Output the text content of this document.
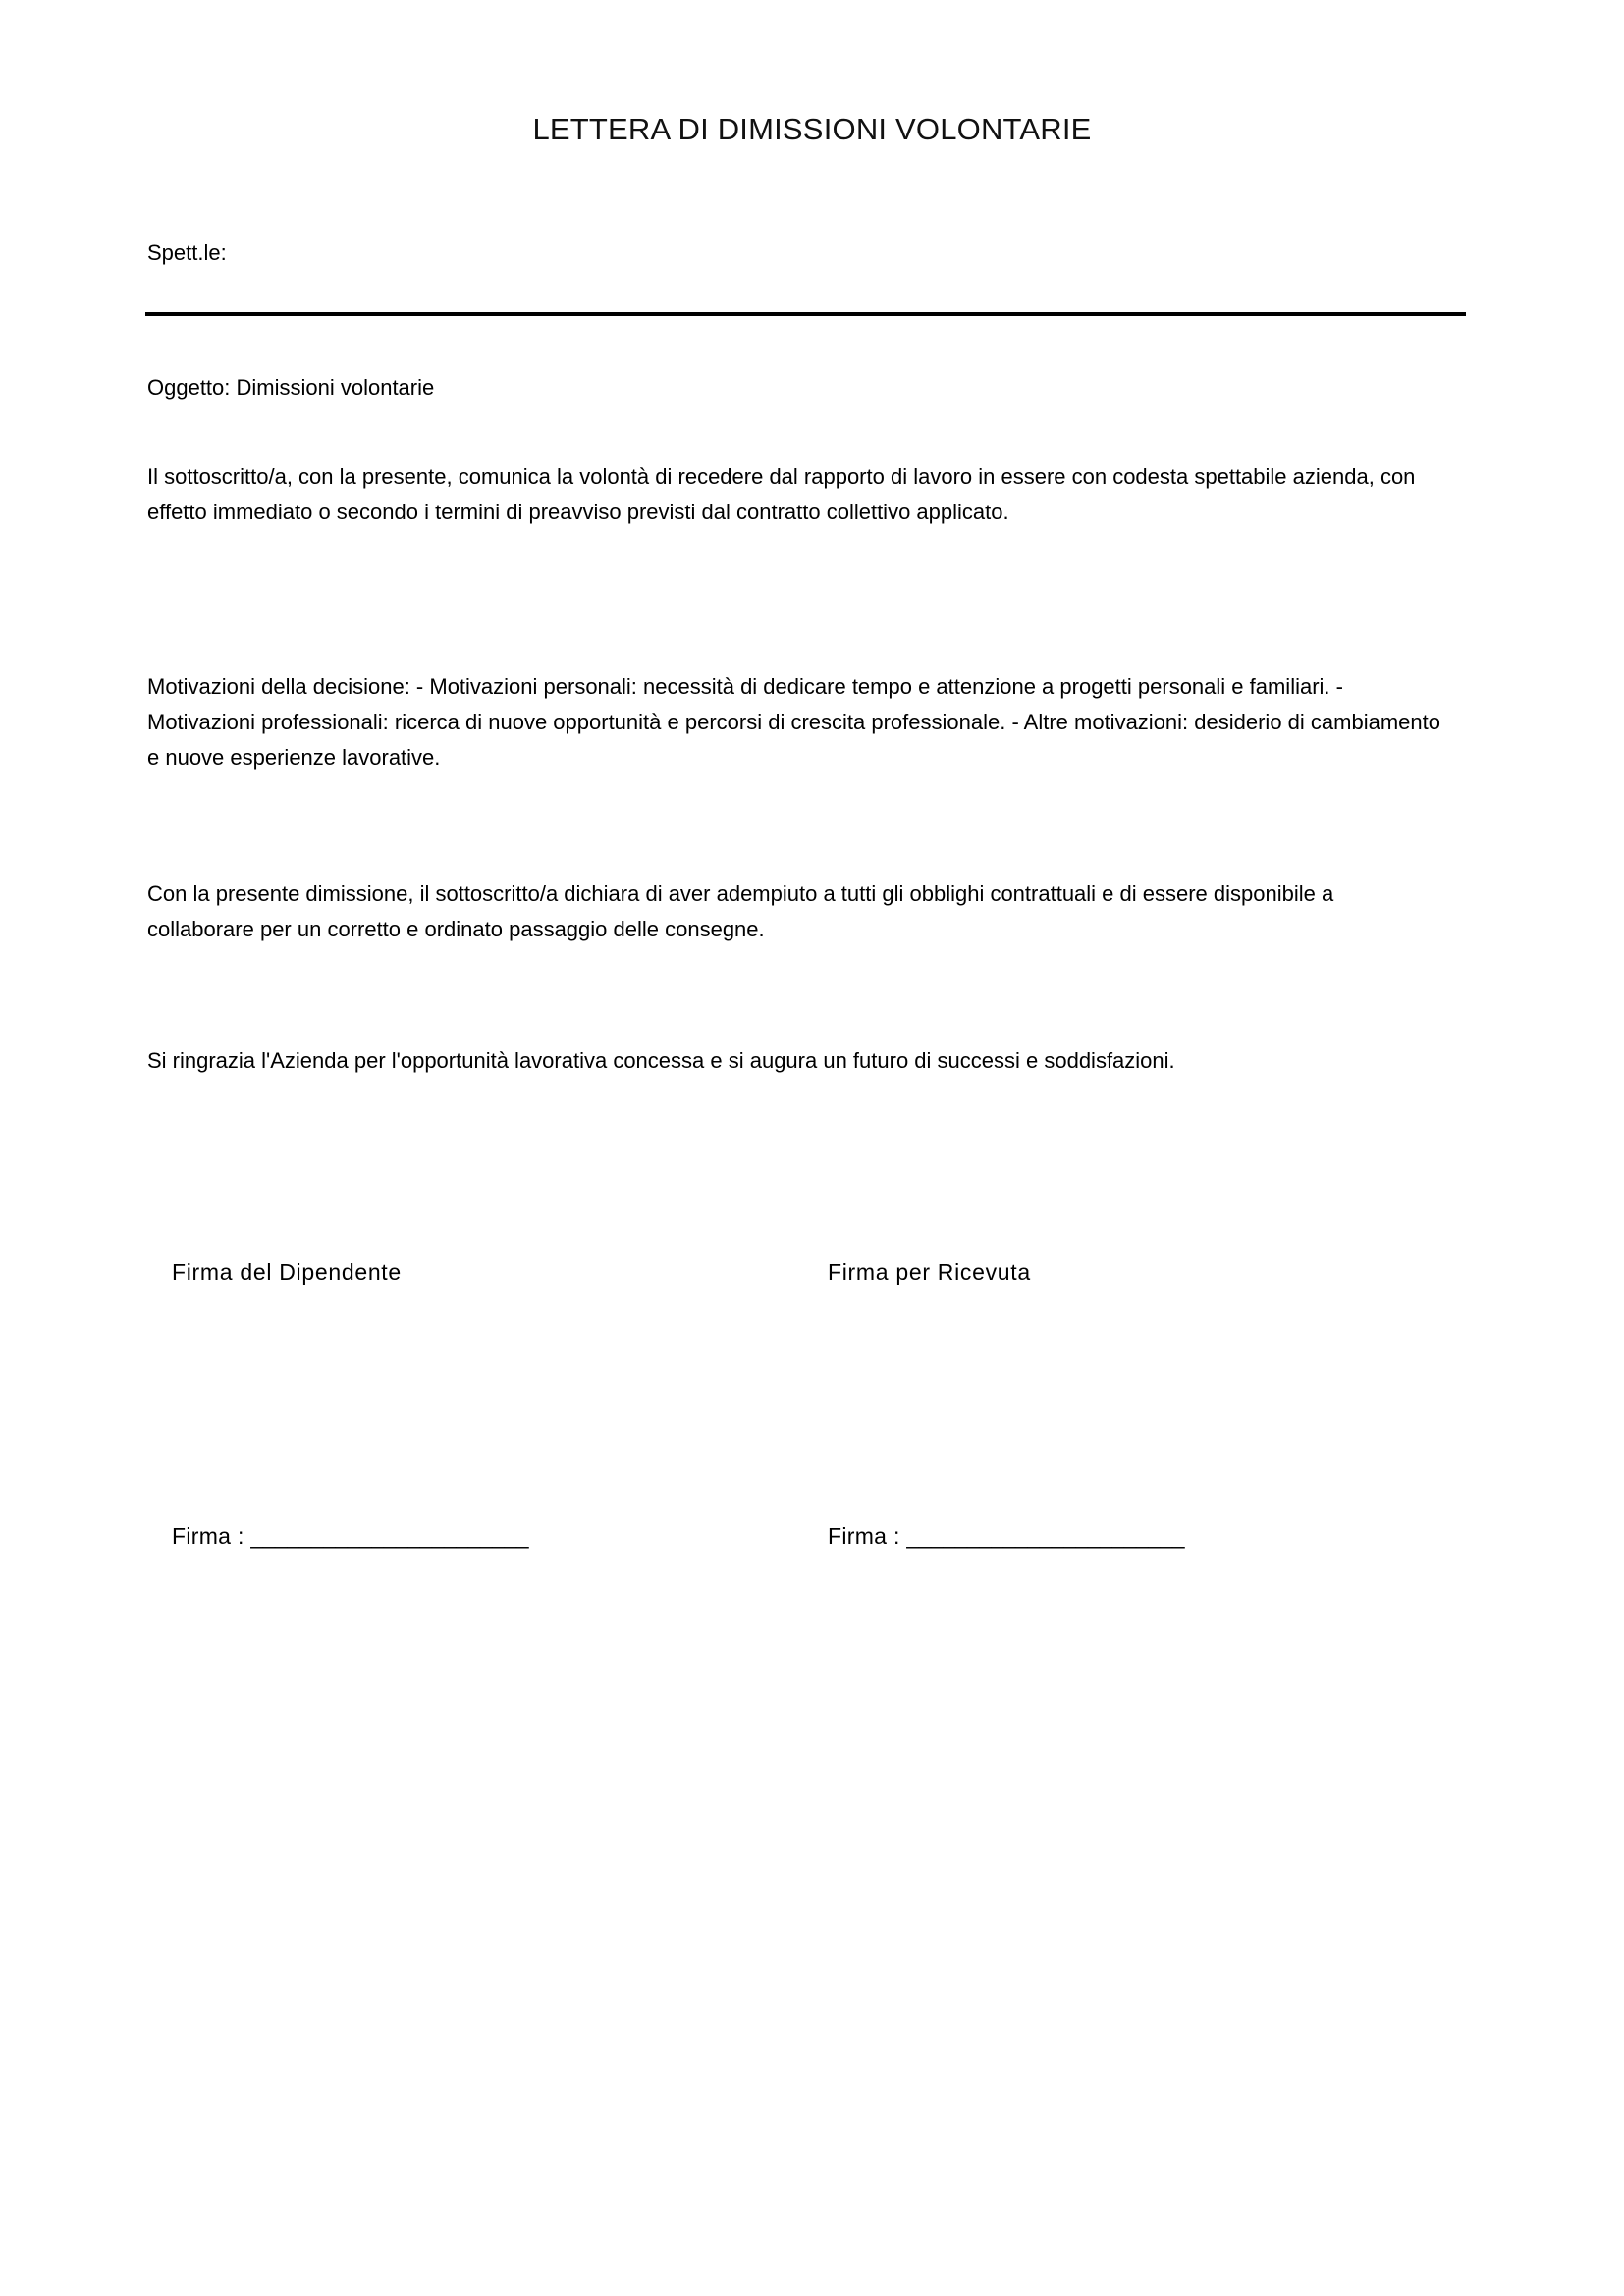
LETTERA DI DIMISSIONI VOLONTARIE
Spett.le:
Oggetto: Dimissioni volontarie
Il sottoscritto/a, con la presente, comunica la volontà di recedere dal rapporto di lavoro in essere con codesta spettabile azienda, con effetto immediato o secondo i termini di preavviso previsti dal contratto collettivo applicato.
Motivazioni della decisione: - Motivazioni personali: necessità di dedicare tempo e attenzione a progetti personali e familiari. - Motivazioni professionali: ricerca di nuove opportunità e percorsi di crescita professionale. - Altre motivazioni: desiderio di cambiamento e nuove esperienze lavorative.
Con la presente dimissione, il sottoscritto/a dichiara di aver adempiuto a tutti gli obblighi contrattuali e di essere disponibile a collaborare per un corretto e ordinato passaggio delle consegne.
Si ringrazia l'Azienda per l'opportunità lavorativa concessa e si augura un futuro di successi e soddisfazioni.
Firma del Dipendente
Firma : _______________________
Firma per Ricevuta
Firma : _______________________
